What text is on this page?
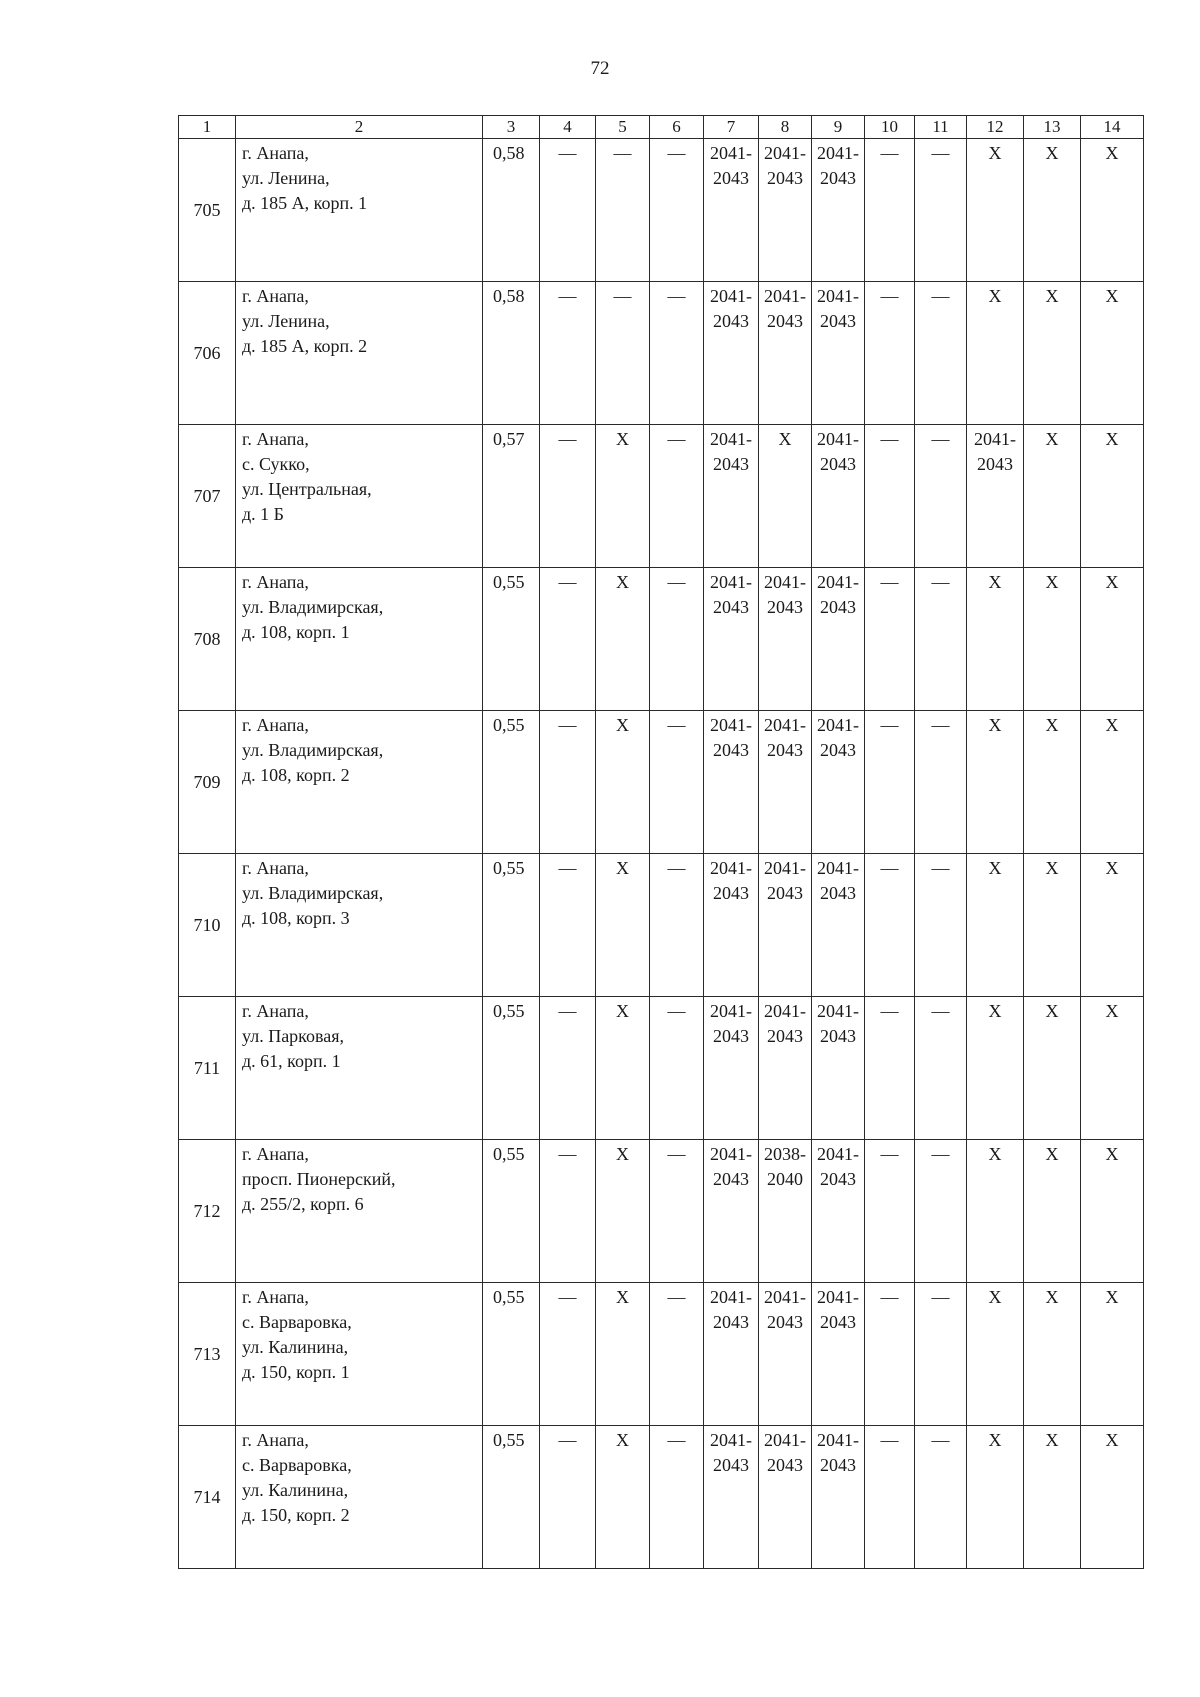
72
1	2	3	4	5	6	7	8	9	10	11	12	13	14
705	г. Анапа,
ул. Ленина,
д. 185 А, корп. 1	0,58	—	—	—	2041-
2043	2041-
2043	2041-
2043	—	—	X	X	X
706	г. Анапа,
ул. Ленина,
д. 185 А, корп. 2	0,58	—	—	—	2041-
2043	2041-
2043	2041-
2043	—	—	X	X	X
707	г. Анапа,
с. Сукко,
ул. Центральная,
д. 1 Б	0,57	—	X	—	2041-
2043	X	2041-
2043	—	—	2041-
2043	X	X
708	г. Анапа,
ул. Владимирская,
д. 108, корп. 1	0,55	—	X	—	2041-
2043	2041-
2043	2041-
2043	—	—	X	X	X
709	г. Анапа,
ул. Владимирская,
д. 108, корп. 2	0,55	—	X	—	2041-
2043	2041-
2043	2041-
2043	—	—	X	X	X
710	г. Анапа,
ул. Владимирская,
д. 108, корп. 3	0,55	—	X	—	2041-
2043	2041-
2043	2041-
2043	—	—	X	X	X
711	г. Анапа,
ул. Парковая,
д. 61, корп. 1	0,55	—	X	—	2041-
2043	2041-
2043	2041-
2043	—	—	X	X	X
712	г. Анапа,
просп. Пионерский,
д. 255/2, корп. 6	0,55	—	X	—	2041-
2043	2038-
2040	2041-
2043	—	—	X	X	X
713	г. Анапа,
с. Варваровка,
ул. Калинина,
д. 150, корп. 1	0,55	—	X	—	2041-
2043	2041-
2043	2041-
2043	—	—	X	X	X
714	г. Анапа,
с. Варваровка,
ул. Калинина,
д. 150, корп. 2	0,55	—	X	—	2041-
2043	2041-
2043	2041-
2043	—	—	X	X	X
